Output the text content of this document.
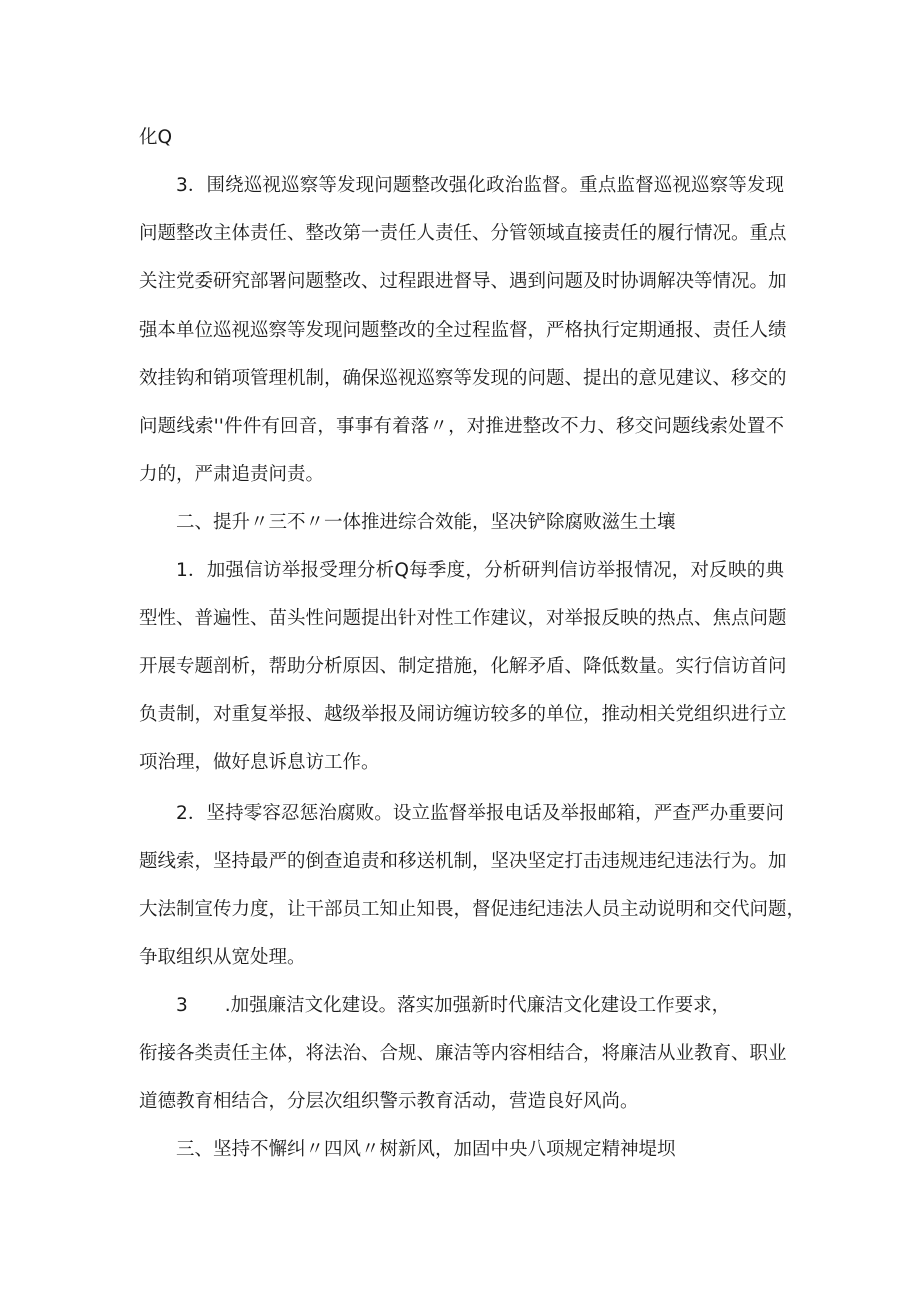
化Q
3．围绕巡视巡察等发现问题整改强化政治监督。重点监督巡视巡察等发现
问题整改主体责任、整改第一责任人责任、分管领域直接责任的履行情况。重点
关注党委研究部署问题整改、过程跟进督导、遇到问题及时协调解决等情况。加
强本单位巡视巡察等发现问题整改的全过程监督，严格执行定期通报、责任人绩
效挂钩和销项管理机制，确保巡视巡察等发现的问题、提出的意见建议、移交的
问题线索''件件有回音，事事有着落〃，对推进整改不力、移交问题线索处置不
力的，严肃追责问责。
二、提升〃三不〃一体推进综合效能，坚决铲除腐败滋生土壤
1．加强信访举报受理分析Q每季度，分析研判信访举报情况，对反映的典
型性、普遍性、苗头性问题提出针对性工作建议，对举报反映的热点、焦点问题
开展专题剖析，帮助分析原因、制定措施，化解矛盾、降低数量。实行信访首问
负责制，对重复举报、越级举报及闹访缠访较多的单位，推动相关党组织进行立
项治理，做好息诉息访工作。
2．坚持零容忍惩治腐败。设立监督举报电话及举报邮箱，严查严办重要问
题线索，坚持最严的倒查追责和移送机制，坚决坚定打击违规违纪违法行为。加
大法制宣传力度，让干部员工知止知畏，督促违纪违法人员主动说明和交代问题，
争取组织从宽处理。
3　　.加强廉洁文化建设。落实加强新时代廉洁文化建设工作要求，
衔接各类责任主体，将法治、合规、廉洁等内容相结合，将廉洁从业教育、职业
道德教育相结合，分层次组织警示教育活动，营造良好风尚。
三、坚持不懈纠〃四风〃树新风，加固中央八项规定精神堤坝
